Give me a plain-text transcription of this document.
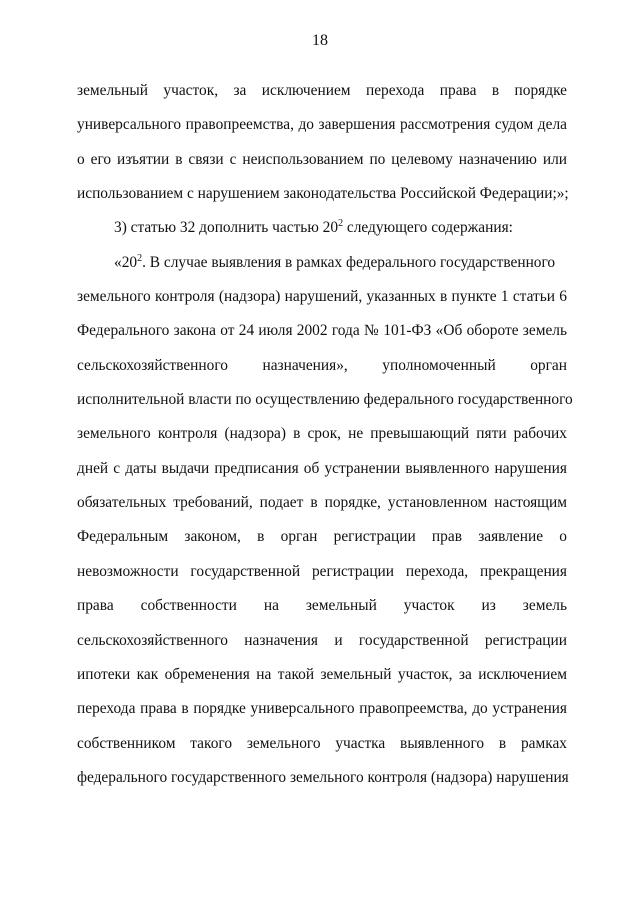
18
земельный участок, за исключением перехода права в порядке
универсального правопреемства, до завершения рассмотрения судом дела
о его изъятии в связи с неиспользованием по целевому назначению или
использованием с нарушением законодательства Российской Федерации;»;
3) статью 32 дополнить частью $20^2$ следующего содержания:
«$20^2$. В случае выявления в рамках федерального государственного
земельного контроля (надзора) нарушений, указанных в пункте 1 статьи 6
Федерального закона от 24 июля 2002 года № 101-ФЗ «Об обороте земель
сельскохозяйственного назначения», уполномоченный орган
исполнительной власти по осуществлению федерального государственного
земельного контроля (надзора) в срок, не превышающий пяти рабочих
дней с даты выдачи предписания об устранении выявленного нарушения
обязательных требований, подает в порядке, установленном настоящим
Федеральным законом, в орган регистрации прав заявление о
невозможности государственной регистрации перехода, прекращения
права собственности на земельный участок из земель
сельскохозяйственного назначения и государственной регистрации
ипотеки как обременения на такой земельный участок, за исключением
перехода права в порядке универсального правопреемства, до устранения
собственником такого земельного участка выявленного в рамках
федерального государственного земельного контроля (надзора) нарушения
